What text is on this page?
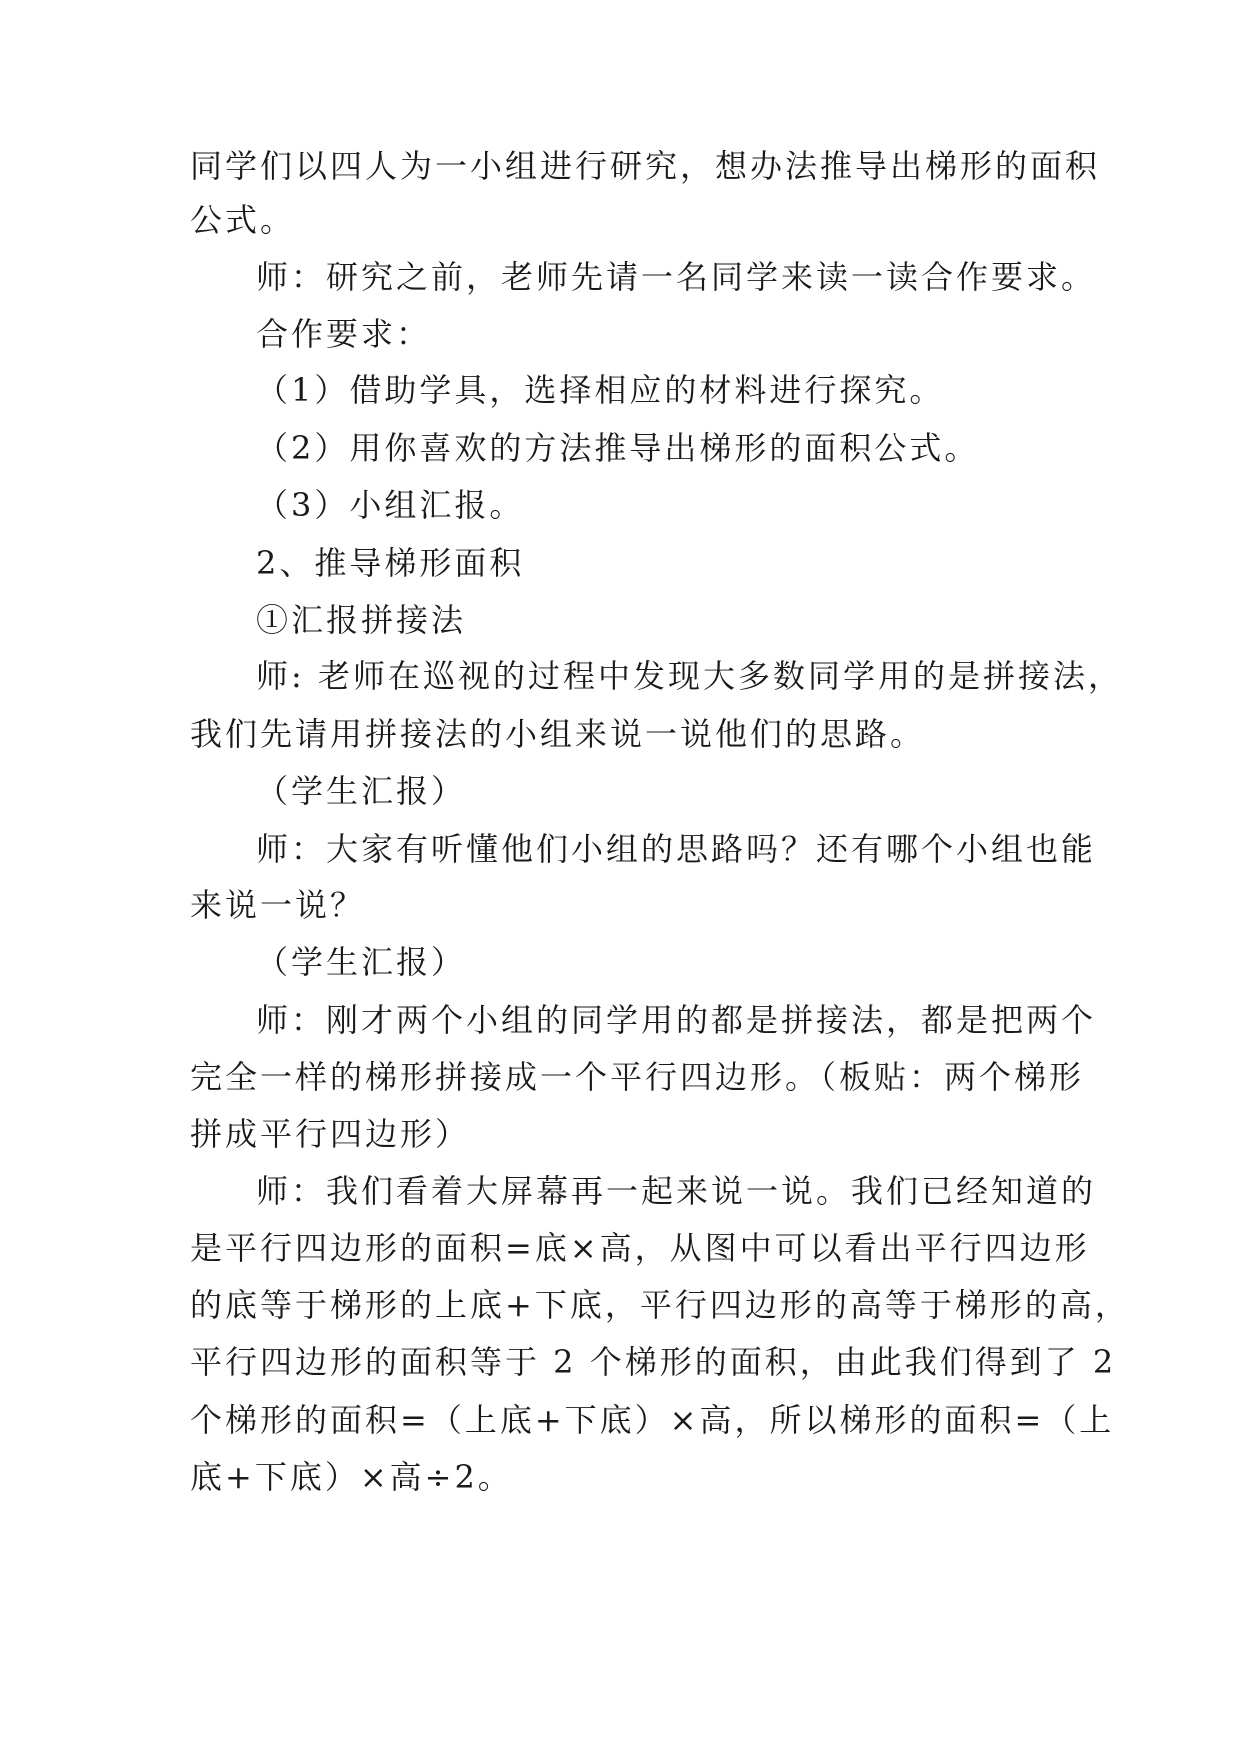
同学们以四人为一小组进行研究，想办法推导出梯形的面积
公式。
师：研究之前，老师先请一名同学来读一读合作要求。
合作要求：
（1）借助学具，选择相应的材料进行探究。
（2）用你喜欢的方法推导出梯形的面积公式。
（3）小组汇报。
2、推导梯形面积
①汇报拼接法
师: 老师在巡视的过程中发现大多数同学用的是拼接法，
我们先请用拼接法的小组来说一说他们的思路。
（学生汇报）
师：大家有听懂他们小组的思路吗？还有哪个小组也能
来说一说？
（学生汇报）
师：刚才两个小组的同学用的都是拼接法，都是把两个
完全一样的梯形拼接成一个平行四边形。（板贴：两个梯形
拼成平行四边形）
师：我们看着大屏幕再一起来说一说。我们已经知道的
是平行四边形的面积=底×高，从图中可以看出平行四边形
的底等于梯形的上底+下底，平行四边形的高等于梯形的高，
平行四边形的面积等于 2 个梯形的面积，由此我们得到了 2
个梯形的面积=（上底+下底）×高，所以梯形的面积=（上
底+下底）×高÷2。
